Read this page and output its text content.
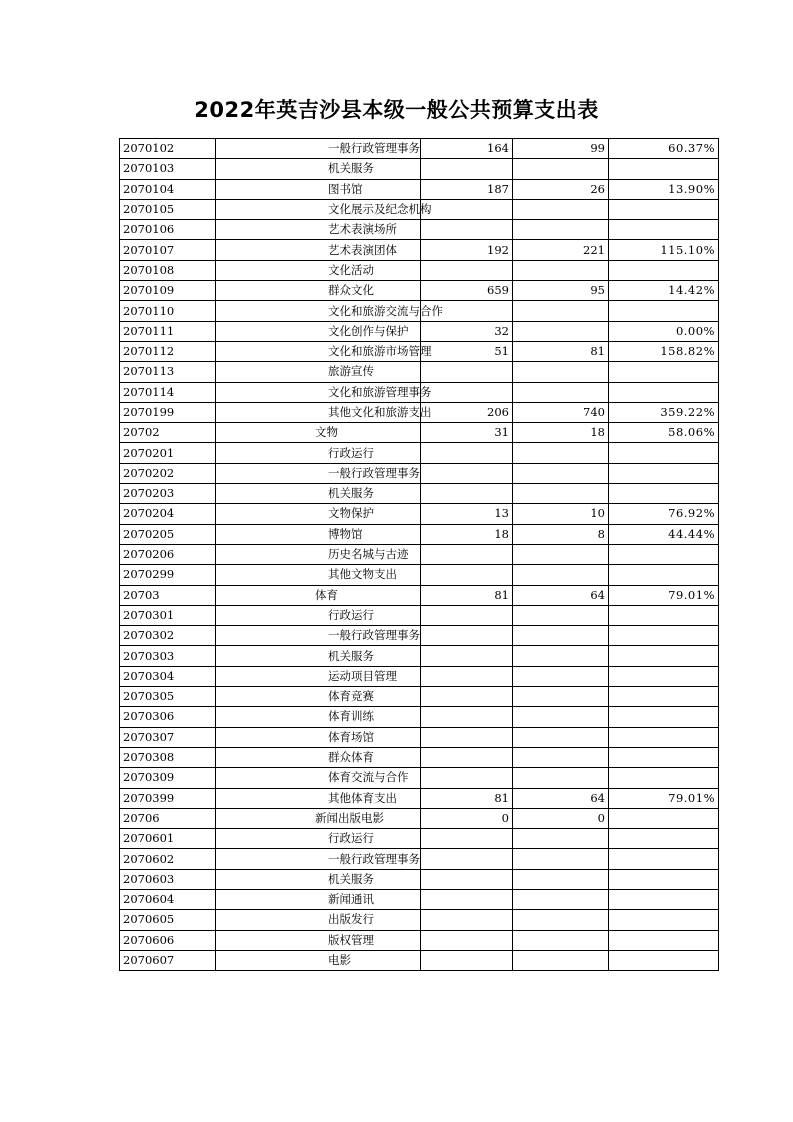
2022年英吉沙县本级一般公共预算支出表
2070102	一般行政管理事务	164	99	60.37%
2070103	机关服务			
2070104	图书馆	187	26	13.90%
2070105	文化展示及纪念机构			
2070106	艺术表演场所			
2070107	艺术表演团体	192	221	115.10%
2070108	文化活动			
2070109	群众文化	659	95	14.42%
2070110	文化和旅游交流与合作			
2070111	文化创作与保护	32		0.00%
2070112	文化和旅游市场管理	51	81	158.82%
2070113	旅游宣传			
2070114	文化和旅游管理事务			
2070199	其他文化和旅游支出	206	740	359.22%
20702	文物	31	18	58.06%
2070201	行政运行			
2070202	一般行政管理事务			
2070203	机关服务			
2070204	文物保护	13	10	76.92%
2070205	博物馆	18	8	44.44%
2070206	历史名城与古迹			
2070299	其他文物支出			
20703	体育	81	64	79.01%
2070301	行政运行			
2070302	一般行政管理事务			
2070303	机关服务			
2070304	运动项目管理			
2070305	体育竞赛			
2070306	体育训练			
2070307	体育场馆			
2070308	群众体育			
2070309	体育交流与合作			
2070399	其他体育支出	81	64	79.01%
20706	新闻出版电影	0	0	
2070601	行政运行			
2070602	一般行政管理事务			
2070603	机关服务			
2070604	新闻通讯			
2070605	出版发行			
2070606	版权管理			
2070607	电影			
